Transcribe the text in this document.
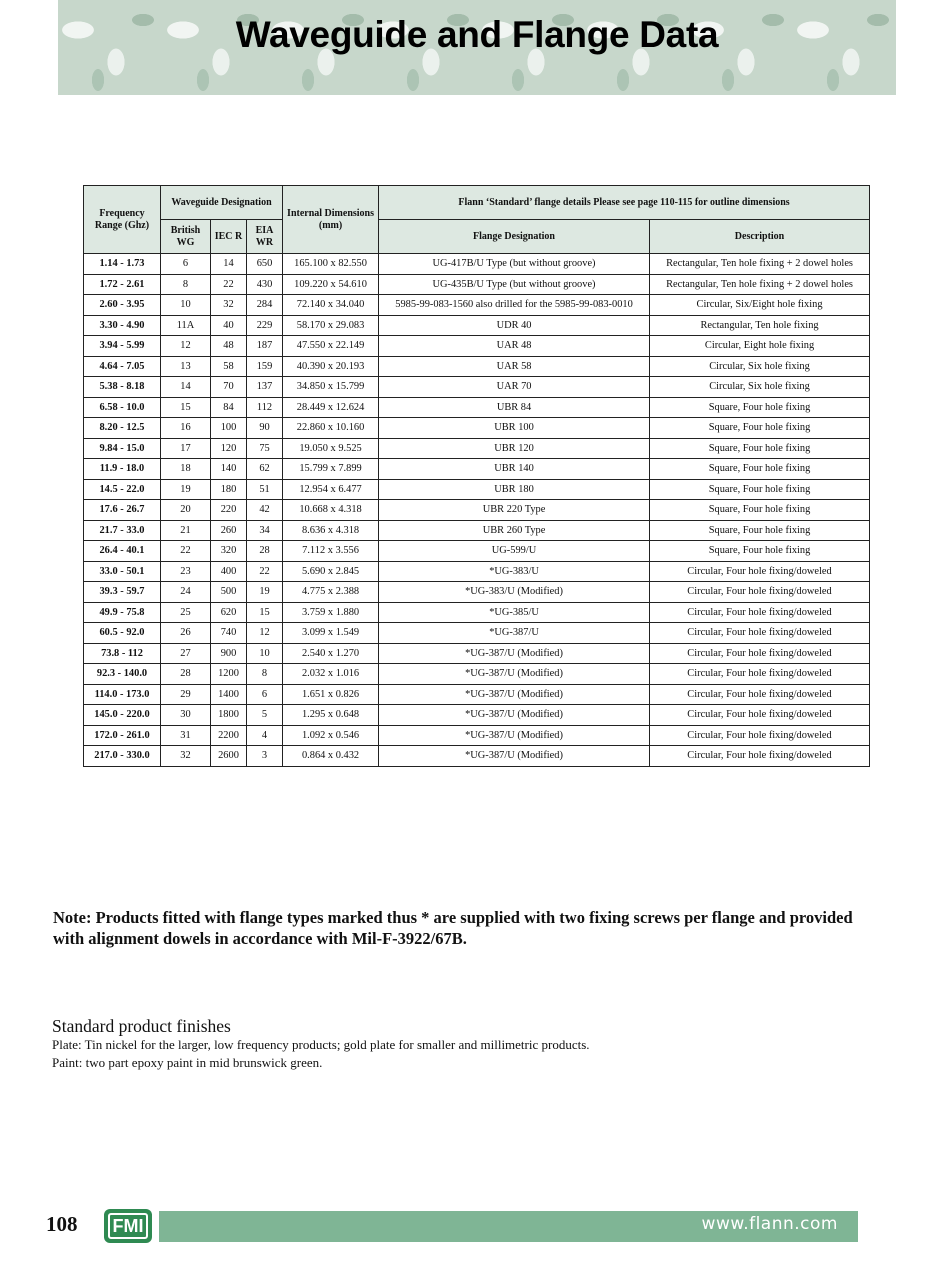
Waveguide and Flange Data
Frequency Range (Ghz)	Waveguide Designation			Internal Dimensions (mm)	Flann ‘Standard’ flange details Please see page 110-115 for outline dimensions	
	British WG	IEC R	EIA WR		Flange Designation	Description
1.14 - 1.73	6	14	650	165.100 x 82.550	UG-417B/U Type (but without groove)	Rectangular, Ten hole fixing + 2 dowel holes
1.72 - 2.61	8	22	430	109.220 x 54.610	UG-435B/U Type (but without groove)	Rectangular, Ten hole fixing + 2 dowel holes
2.60 - 3.95	10	32	284	72.140 x 34.040	5985-99-083-1560 also drilled for the 5985-99-083-0010	Circular, Six/Eight hole fixing
3.30 - 4.90	11A	40	229	58.170 x 29.083	UDR 40	Rectangular, Ten hole fixing
3.94 - 5.99	12	48	187	47.550 x 22.149	UAR 48	Circular, Eight hole fixing
4.64 - 7.05	13	58	159	40.390 x 20.193	UAR 58	Circular, Six hole fixing
5.38 - 8.18	14	70	137	34.850 x 15.799	UAR 70	Circular, Six hole fixing
6.58 - 10.0	15	84	112	28.449 x 12.624	UBR 84	Square, Four hole fixing
8.20 - 12.5	16	100	90	22.860 x 10.160	UBR 100	Square, Four hole fixing
9.84 - 15.0	17	120	75	19.050 x 9.525	UBR 120	Square, Four hole fixing
11.9 - 18.0	18	140	62	15.799 x 7.899	UBR 140	Square, Four hole fixing
14.5 - 22.0	19	180	51	12.954 x 6.477	UBR 180	Square, Four hole fixing
17.6 - 26.7	20	220	42	10.668 x 4.318	UBR 220 Type	Square, Four hole fixing
21.7 - 33.0	21	260	34	8.636 x 4.318	UBR 260 Type	Square, Four hole fixing
26.4 - 40.1	22	320	28	7.112 x 3.556	UG-599/U	Square, Four hole fixing
33.0 - 50.1	23	400	22	5.690 x 2.845	*UG-383/U	Circular, Four hole fixing/doweled
39.3 - 59.7	24	500	19	4.775 x 2.388	*UG-383/U (Modified)	Circular, Four hole fixing/doweled
49.9 - 75.8	25	620	15	3.759 x 1.880	*UG-385/U	Circular, Four hole fixing/doweled
60.5 - 92.0	26	740	12	3.099 x 1.549	*UG-387/U	Circular, Four hole fixing/doweled
73.8 - 112	27	900	10	2.540 x 1.270	*UG-387/U (Modified)	Circular, Four hole fixing/doweled
92.3 - 140.0	28	1200	8	2.032 x 1.016	*UG-387/U (Modified)	Circular, Four hole fixing/doweled
114.0 - 173.0	29	1400	6	1.651 x 0.826	*UG-387/U (Modified)	Circular, Four hole fixing/doweled
145.0 - 220.0	30	1800	5	1.295 x 0.648	*UG-387/U (Modified)	Circular, Four hole fixing/doweled
172.0 - 261.0	31	2200	4	1.092 x 0.546	*UG-387/U (Modified)	Circular, Four hole fixing/doweled
217.0 - 330.0	32	2600	3	0.864 x 0.432	*UG-387/U (Modified)	Circular, Four hole fixing/doweled
Note: Products fitted with flange types marked thus * are supplied with two fixing screws per flange and provided with alignment dowels in accordance with Mil-F-3922/67B.
Standard product finishes
Plate: Tin nickel for the larger, low frequency products; gold plate for smaller and millimetric products.
Paint: two part epoxy paint in mid brunswick green.
108 FMI	www.flann.com
